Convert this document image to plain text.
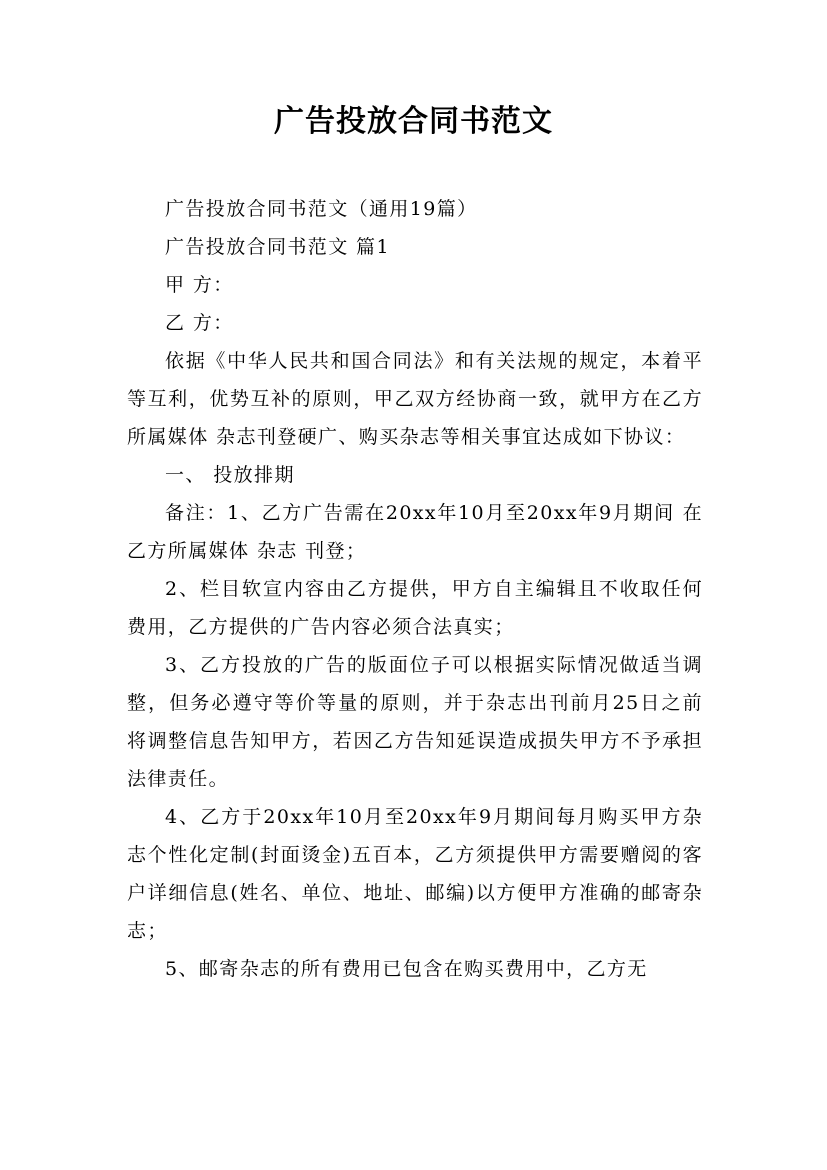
广告投放合同书范文

广告投放合同书范文（通用19篇）

广告投放合同书范文 篇1

甲 方：

乙 方：

依据《中华人民共和国合同法》和有关法规的规定，本着平等互利，优势互补的原则，甲乙双方经协商一致，就甲方在乙方所属媒体 杂志刊登硬广、购买杂志等相关事宜达成如下协议：

一、 投放排期

备注：1、乙方广告需在20xx年10月至20xx年9月期间 在乙方所属媒体 杂志 刊登；

2、栏目软宣内容由乙方提供，甲方自主编辑且不收取任何费用，乙方提供的广告内容必须合法真实；

3、乙方投放的广告的版面位子可以根据实际情况做适当调整，但务必遵守等价等量的原则，并于杂志出刊前月25日之前将调整信息告知甲方，若因乙方告知延误造成损失甲方不予承担法律责任。

4、乙方于20xx年10月至20xx年9月期间每月购买甲方杂志个性化定制(封面烫金)五百本，乙方须提供甲方需要赠阅的客户详细信息(姓名、单位、地址、邮编)以方便甲方准确的邮寄杂志；

5、邮寄杂志的所有费用已包含在购买费用中，乙方无
